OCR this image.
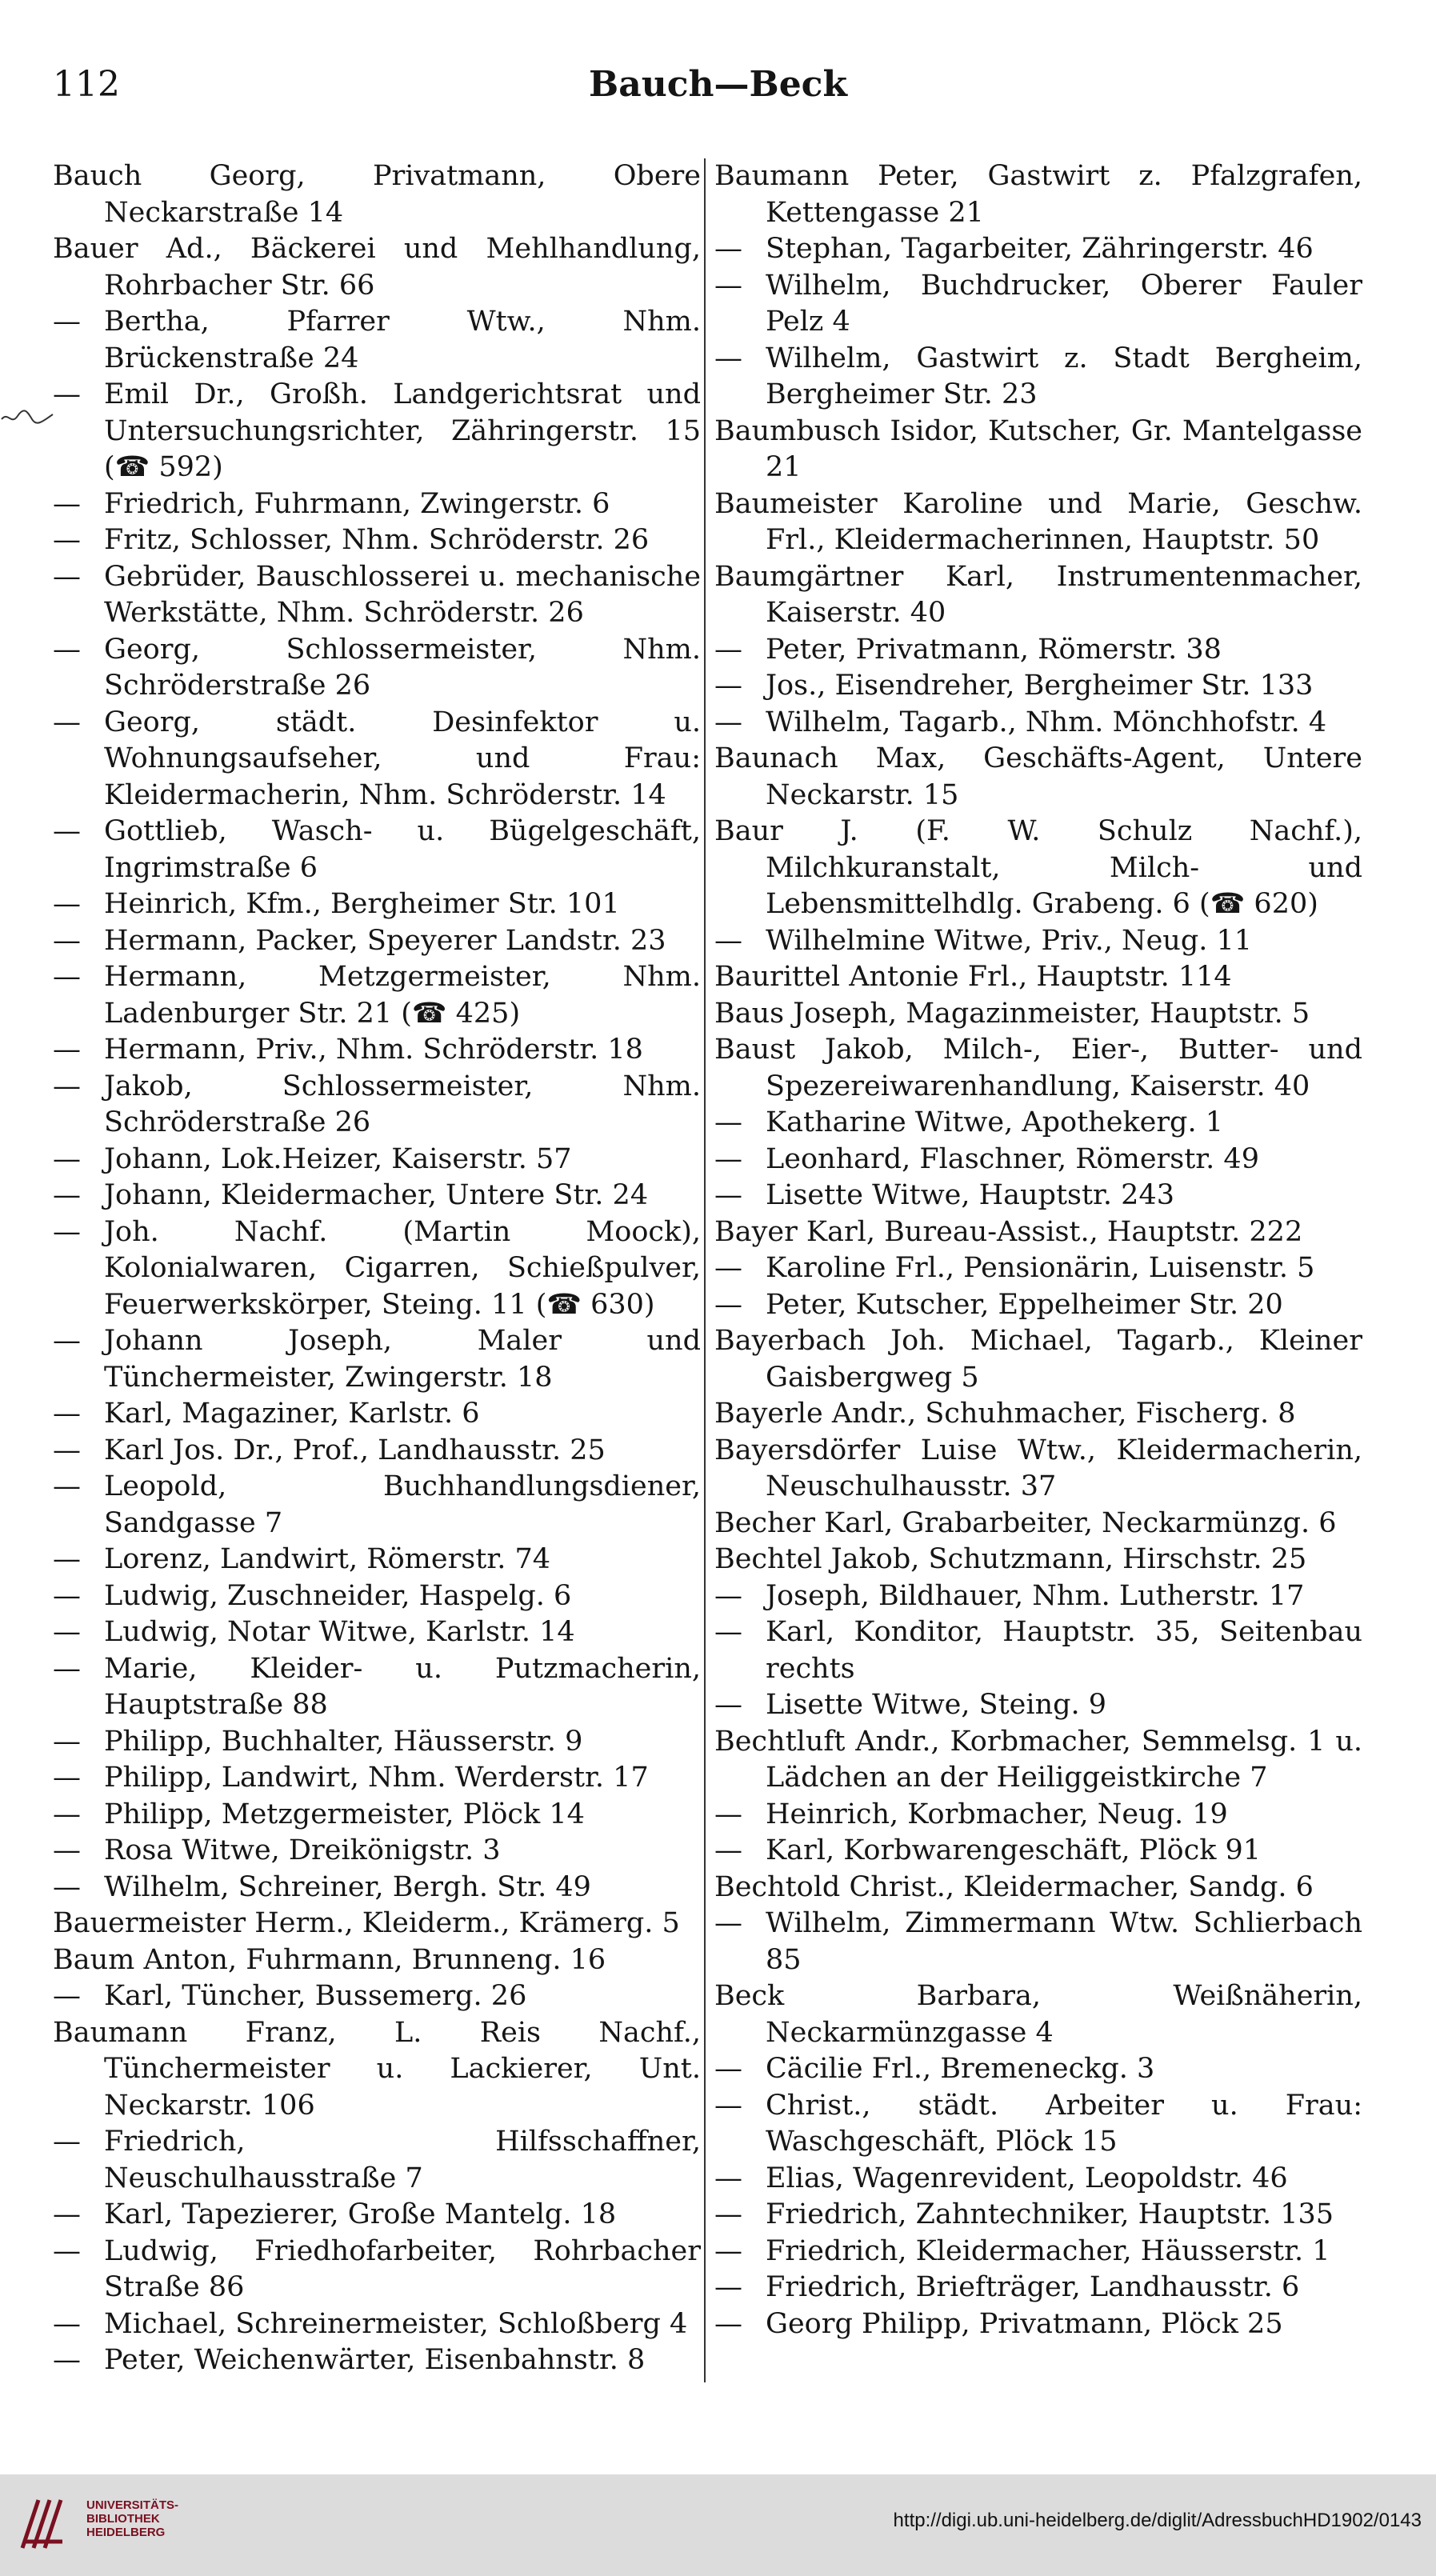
112	Bauch—Beck
Bauch Georg, Privatmann, Obere Neckarstraße 14
Bauer Ad., Bäckerei und Mehlhandlung, Rohrbacher Str. 66
— Bertha, Pfarrer Wtw., Nhm. Brückenstraße 24
— Emil Dr., Großh. Landgerichtsrat und Untersuchungsrichter, Zähringerstr. 15 (☎ 592)
— Friedrich, Fuhrmann, Zwingerstr. 6
— Fritz, Schlosser, Nhm. Schröderstr. 26
— Gebrüder, Bauschlosserei u. mechanische Werkstätte, Nhm. Schröderstr. 26
— Georg, Schlossermeister, Nhm. Schröderstraße 26
— Georg, städt. Desinfektor u. Wohnungsaufseher, und Frau: Kleidermacherin, Nhm. Schröderstr. 14
— Gottlieb, Wasch- u. Bügelgeschäft, Ingrimstraße 6
— Heinrich, Kfm., Bergheimer Str. 101
— Hermann, Packer, Speyerer Landstr. 23
— Hermann, Metzgermeister, Nhm. Ladenburger Str. 21 (☎ 425)
— Hermann, Priv., Nhm. Schröderstr. 18
— Jakob, Schlossermeister, Nhm. Schröderstraße 26
— Johann, Lok.Heizer, Kaiserstr. 57
— Johann, Kleidermacher, Untere Str. 24
— Joh. Nachf. (Martin Moock), Kolonialwaren, Cigarren, Schießpulver, Feuerwerkskörper, Steing. 11 (☎ 630)
— Johann Joseph, Maler und Tünchermeister, Zwingerstr. 18
— Karl, Magaziner, Karlstr. 6
— Karl Jos. Dr., Prof., Landhausstr. 25
— Leopold, Buchhandlungsdiener, Sandgasse 7
— Lorenz, Landwirt, Römerstr. 74
— Ludwig, Zuschneider, Haspelg. 6
— Ludwig, Notar Witwe, Karlstr. 14
— Marie, Kleider- u. Putzmacherin, Hauptstraße 88
— Philipp, Buchhalter, Häusserstr. 9
— Philipp, Landwirt, Nhm. Werderstr. 17
— Philipp, Metzgermeister, Plöck 14
— Rosa Witwe, Dreikönigstr. 3
— Wilhelm, Schreiner, Bergh. Str. 49
Bauermeister Herm., Kleiderm., Krämerg. 5
Baum Anton, Fuhrmann, Brunneng. 16
— Karl, Tüncher, Bussemerg. 26
Baumann Franz, L. Reis Nachf., Tünchermeister u. Lackierer, Unt. Neckarstr. 106
— Friedrich, Hilfsschaffner, Neuschulhausstraße 7
— Karl, Tapezierer, Große Mantelg. 18
— Ludwig, Friedhofarbeiter, Rohrbacher Straße 86
— Michael, Schreinermeister, Schloßberg 4
— Peter, Weichenwärter, Eisenbahnstr. 8
Baumann Peter, Gastwirt z. Pfalzgrafen, Kettengasse 21
— Stephan, Tagarbeiter, Zähringerstr. 46
— Wilhelm, Buchdrucker, Oberer Fauler Pelz 4
— Wilhelm, Gastwirt z. Stadt Bergheim, Bergheimer Str. 23
Baumbusch Isidor, Kutscher, Gr. Mantelgasse 21
Baumeister Karoline und Marie, Geschw. Frl., Kleidermacherinnen, Hauptstr. 50
Baumgärtner Karl, Instrumentenmacher, Kaiserstr. 40
— Peter, Privatmann, Römerstr. 38
— Jos., Eisendreher, Bergheimer Str. 133
— Wilhelm, Tagarb., Nhm. Mönchhofstr. 4
Baunach Max, Geschäfts-Agent, Untere Neckarstr. 15
Baur J. (F. W. Schulz Nachf.), Milchkuranstalt, Milch- und Lebensmittelhdlg. Grabeng. 6 (☎ 620)
— Wilhelmine Witwe, Priv., Neug. 11
Baurittel Antonie Frl., Hauptstr. 114
Baus Joseph, Magazinmeister, Hauptstr. 5
Baust Jakob, Milch-, Eier-, Butter- und Spezereiwarenhandlung, Kaiserstr. 40
— Katharine Witwe, Apothekerg. 1
— Leonhard, Flaschner, Römerstr. 49
— Lisette Witwe, Hauptstr. 243
Bayer Karl, Bureau-Assist., Hauptstr. 222
— Karoline Frl., Pensionärin, Luisenstr. 5
— Peter, Kutscher, Eppelheimer Str. 20
Bayerbach Joh. Michael, Tagarb., Kleiner Gaisbergweg 5
Bayerle Andr., Schuhmacher, Fischerg. 8
Bayersdörfer Luise Wtw., Kleidermacherin, Neuschulhausstr. 37
Becher Karl, Grabarbeiter, Neckarmünzg. 6
Bechtel Jakob, Schutzmann, Hirschstr. 25
— Joseph, Bildhauer, Nhm. Lutherstr. 17
— Karl, Konditor, Hauptstr. 35, Seitenbau rechts
— Lisette Witwe, Steing. 9
Bechtluft Andr., Korbmacher, Semmelsg. 1 u. Lädchen an der Heiliggeistkirche 7
— Heinrich, Korbmacher, Neug. 19
— Karl, Korbwarengeschäft, Plöck 91
Bechtold Christ., Kleidermacher, Sandg. 6
— Wilhelm, Zimmermann Wtw. Schlierbach 85
Beck Barbara, Weißnäherin, Neckarmünzgasse 4
— Cäcilie Frl., Bremeneckg. 3
— Christ., städt. Arbeiter u. Frau: Waschgeschäft, Plöck 15
— Elias, Wagenrevident, Leopoldstr. 46
— Friedrich, Zahntechniker, Hauptstr. 135
— Friedrich, Kleidermacher, Häusserstr. 1
— Friedrich, Briefträger, Landhausstr. 6
— Georg Philipp, Privatmann, Plöck 25
UNIVERSITÄTS-
BIBLIOTHEK
HEIDELBERG
http://digi.ub.uni-heidelberg.de/diglit/AdressbuchHD1902/0143
